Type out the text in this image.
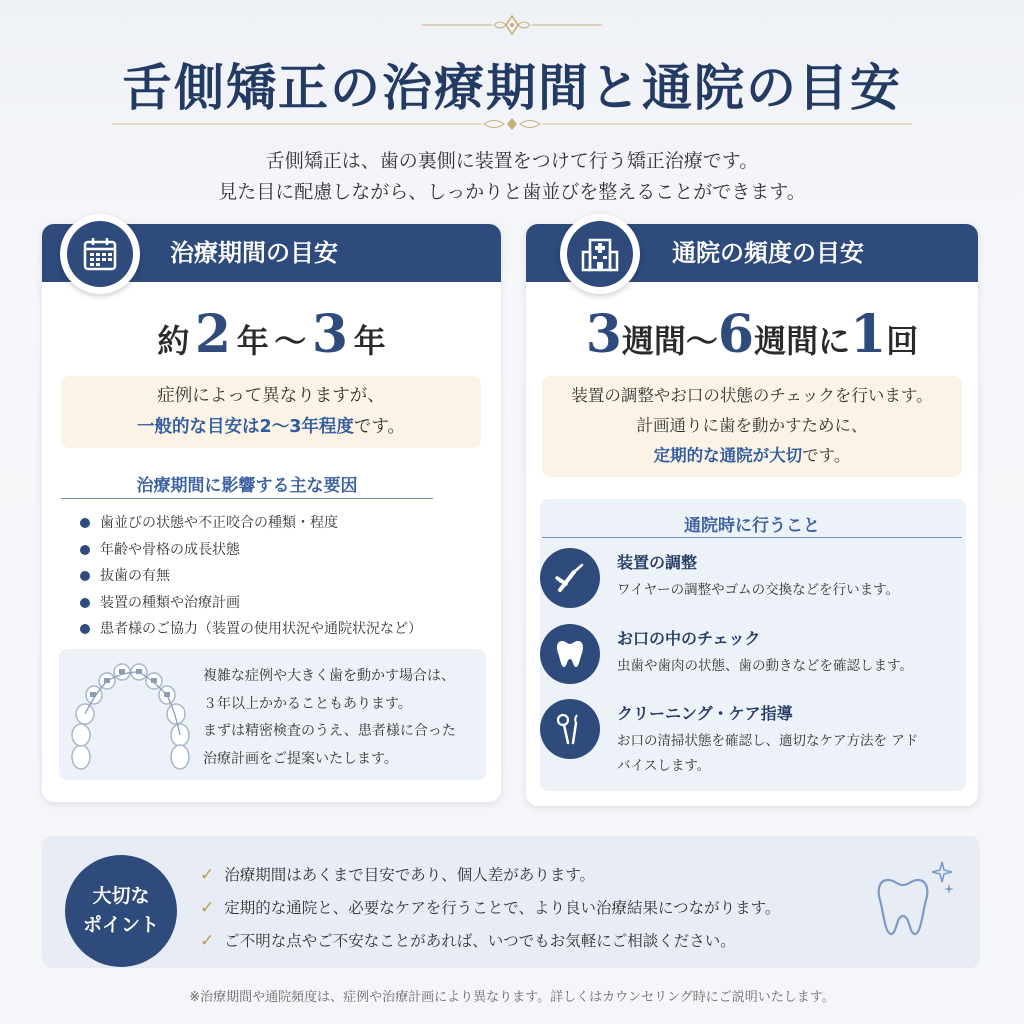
舌側矯正の治療期間と通院の目安
舌側矯正は、歯の裏側に装置をつけて行う矯正治療です。
見た目に配慮しながら、しっかりと歯並びを整えることができます。
治療期間の目安
約 2 年 ～ 3 年
症例によって異なりますが、
一般的な目安は2～3年程度です。
治療期間に影響する主な要因
歯並びの状態や不正咬合の種類・程度
年齢や骨格の成長状態
抜歯の有無
装置の種類や治療計画
患者様のご協力（装置の使用状況や通院状況など）
複雑な症例や大きく歯を動かす場合は、
３年以上かかることもあります。
まずは精密検査のうえ、患者様に合った
治療計画をご提案いたします。
通院の頻度の目安
3週間～6週間に1回
装置の調整やお口の状態のチェックを行います。
計画通りに歯を動かすために、
定期的な通院が大切です。
通院時に行うこと
装置の調整
ワイヤーの調整やゴムの交換などを行います。
お口の中のチェック
虫歯や歯肉の状態、歯の動きなどを確認します。
クリーニング・ケア指導
お口の清掃状態を確認し、適切なケア方法を アドバイスします。
大切な
ポイント
✓ 治療期間はあくまで目安であり、個人差があります。
✓ 定期的な通院と、必要なケアを行うことで、より良い治療結果につながります。
✓ ご不明な点やご不安なことがあれば、いつでもお気軽にご相談ください。
※治療期間や通院頻度は、症例や治療計画により異なります。詳しくはカウンセリング時にご説明いたします。
